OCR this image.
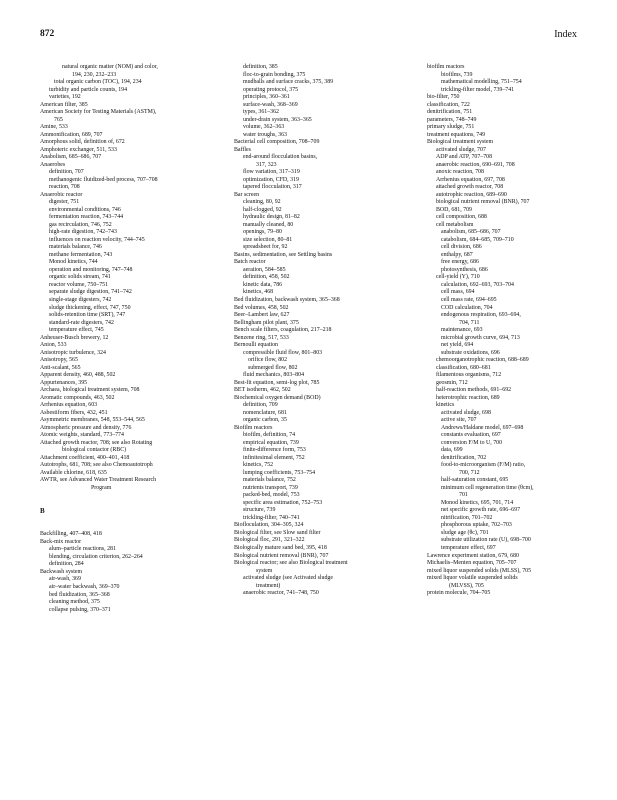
872	Index
natural organic matter (NOM) and color,
194, 230, 232–233
total organic carbon (TOC), 194, 234
turbidity and particle counts, 194
varieties, 192
American filter, 385
American Society for Testing Materials (ASTM),
765
Amine, 533
Ammonification, 689, 707
Amorphous solid, definition of, 672
Amphoteric exchanger, 511, 533
Anabolism, 685–686, 707
Anaerobes
definition, 707
methanogenic fluidized-bed process, 707–708
reaction, 708
Anaerobic reactor
digester, 751
environmental conditions, 746
fermentation reaction, 743–744
gas recirculation, 746, 752
high-rate digestion, 742–743
influences on reaction velocity, 744–745
materials balance, 746
methane fermentation, 743
Monod kinetics, 744
operation and monitoring, 747–748
organic solids stream, 741
reactor volume, 750–751
separate sludge digestion, 741–742
single-stage digesters, 742
sludge thickening, effect, 747, 750
solids-retention time (SRT), 747
standard-rate digesters, 742
temperature effect, 745
Anheuser-Busch brewery, 12
Anion, 533
Anisotropic turbulence, 324
Anisotropy, 565
Anti-scalant, 565
Apparent density, 460, 488, 502
Appurtenances, 395
Archaea, biological treatment system, 708
Aromatic compounds, 463, 502
Arrhenius equation, 603
Asbestiform fibers, 432, 451
Asymmetric membranes, 548, 553–544, 565
Atmospheric pressure and density, 776
Atomic weights, standard, 773–774
Attached growth reactor, 708; see also Rotating
biological contactor (RBC)
Attachment coefficient, 400–401, 418
Autotrophs, 681, 708; see also Chemoautotroph
Available chlorine, 618, 635
AWTR, see Advanced Water Treatment Research
Program
B
Backfilling, 407–408, 418
Back-mix reactor
alum–particle reactions, 281
blending, circulation criterion, 262–264
definition, 284
Backwash system
air-wash, 369
air–water backwash, 369–370
bed fluidization, 365–368
cleaning method, 375
collapse pulsing, 370–371
definition, 385
floc-to-grain bonding, 375
mudballs and surface cracks, 375, 389
operating protocol, 375
principles, 360–361
surface-wash, 368–369
types, 361–362
under-drain system, 363–365
volume, 362–363
water troughs, 363
Bacterial cell composition, 708–709
Baffles
end-around flocculation basins,
317, 323
flow variation, 317–319
optimization, CFD, 319
tapered flocculation, 317
Bar screen
cleaning, 80, 92
half-clogged, 92
hydraulic design, 81–82
manually cleaned, 80
openings, 79–80
size selection, 80–81
spreadsheet for, 92
Basins, sedimentation, see Settling basins
Batch reactor
aeration, 584–585
definition, 458, 502
kinetic data, 786
kinetics, 468
Bed fluidization, backwash system, 365–368
Bed volumes, 458, 502
Beer–Lambert law, 627
Bellingham pilot plant, 375
Bench scale filters, coagulation, 217–218
Benzene ring, 517, 533
Bernoulli equation
compressible fluid flow, 801–803
orifice flow, 802
submerged flow, 802
fluid mechanics, 803–804
Best-fit equation, semi-log plot, 785
BET isotherm, 462, 502
Biochemical oxygen demand (BOD)
definition, 709
nomenclature, 681
organic carbon, 35
Biofilm reactors
biofilm, definition, 74
empirical equation, 739
finite-difference form, 753
infinitesimal element, 752
kinetics, 752
lumping coefficients, 753–754
materials balance, 752
nutrients transport, 739
packed-bed, model, 753
specific area estimation, 752–753
structure, 739
trickling-filter, 740–741
Biofloculation, 304–305, 324
Biological filter, see Slow sand filter
Biological floc, 291, 321–322
Biologically mature sand bed, 395, 418
Biological nutrient removal (BNR), 707
Biological reactor; see also Biological treatment
system
activated sludge (see Activated sludge
treatment)
anaerobic reactor, 741–748, 750
biofilm reactors
biofilms, 739
mathematical modelling, 751–754
trickling-filter model, 739–741
bio-filter, 750
classification, 722
denitrification, 751
parameters, 748–749
primary sludge, 751
treatment equations, 749
Biological treatment system
activated sludge, 707
ADP and ATP, 707–708
anaerobic reaction, 690–691, 708
anoxic reaction, 708
Arrhenius equation, 697, 708
attached growth reactor, 708
autotrophic reaction, 689–690
biological nutrient removal (BNR), 707
BOD, 681, 709
cell composition, 688
cell metabolism
anabolism, 685–686, 707
catabolism, 684–685, 709–710
cell division, 686
enthalpy, 687
free energy, 686
photosynthesis, 686
cell-yield (Y), 710
calculation, 692–693, 703–704
cell mass, 694
cell mass rate, 694–695
COD calculation, 704
endogenous respiration, 693–694,
704, 711
maintenance, 693
microbial growth curve, 694, 713
net yield, 694
substrate oxidations, 696
chemoorganotrophic reaction, 688–689
classification, 680–681
filamentous organisms, 712
geosmin, 712
half-reaction methods, 691–692
heterotrophic reaction, 689
kinetics
activated sludge, 698
active site, 707
Andrews/Haldane model, 697–698
constants evaluation, 697
conversion F/M to U, 700
data, 699
denitrification, 702
food-to-microorganism (F/M) ratio,
700, 712
half-saturation constant, 695
minimum cell regeneration time (θcm),
701
Monod kinetics, 695, 701, 714
net specific growth rate, 696–697
nitrification, 701–702
phosphorous uptake, 702–703
sludge age (θc), 701
substrate utilization rate (U), 698–700
temperature effect, 697
Lawrence experiment station, 679, 680
Michaelis–Menten equation, 705–707
mixed liquor suspended solids (MLSS), 705
mixed liquor volatile suspended solids
(MLVSS), 705
protein molecule, 704–705
